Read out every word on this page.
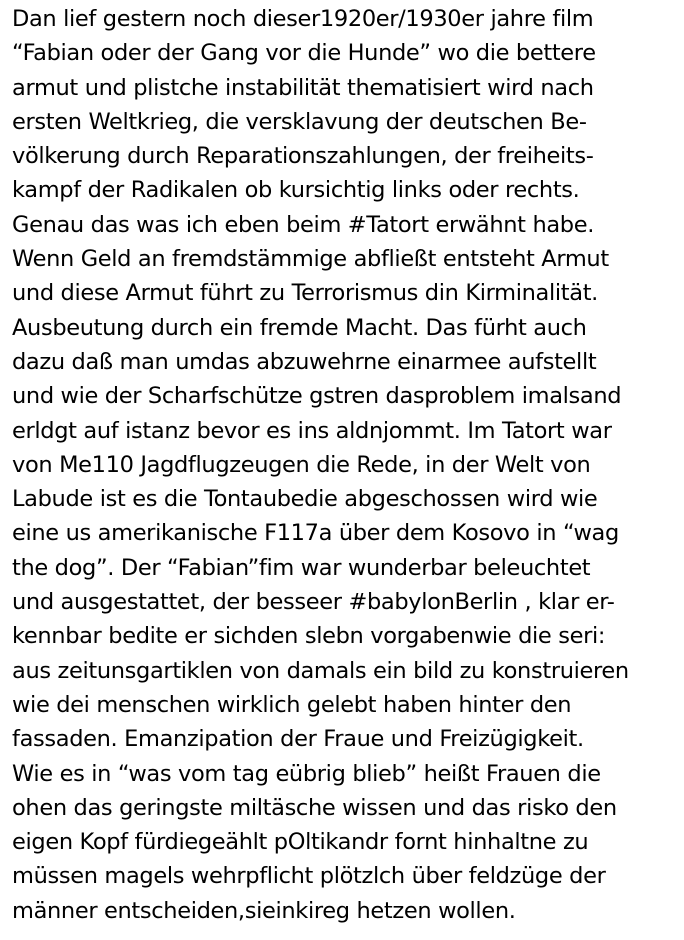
Dan lief gestern noch dieser1920er/1930er jahre film
“Fabian oder der Gang vor die Hunde” wo die bettere
armut und plistche instabilität thematisiert wird nach
ersten Weltkrieg, die versklavung der deutschen Be-
völkerung durch Reparationszahlungen, der freiheits-
kampf der Radikalen ob kursichtig links oder rechts.
Genau das was ich eben beim #Tatort erwähnt habe.
Wenn Geld an fremdstämmige abfließt entsteht Armut
und diese Armut führt zu Terrorismus din Kirminalität.
Ausbeutung durch ein fremde Macht. Das fürht auch
dazu daß man umdas abzuwehrne einarmee aufstellt
und wie der Scharfschütze gstren dasproblem imalsand
erldgt auf istanz bevor es ins aldnjommt. Im Tatort war
von Me110 Jagdflugzeugen die Rede, in der Welt von
Labude ist es die Tontaubedie abgeschossen wird wie
eine us amerikanische F117a über dem Kosovo in “wag
the dog”. Der “Fabian”fim war wunderbar beleuchtet
und ausgestattet, der besseer #babylonBerlin , klar er-
kennbar bedite er sichden slebn vorgabenwie die seri:
aus zeitunsgartiklen von damals ein bild zu konstruieren
wie dei menschen wirklich gelebt haben hinter den
fassaden. Emanzipation der Fraue und Freizügigkeit.
Wie es in “was vom tag eübrig blieb” heißt Frauen die
ohen das geringste miltäsche wissen und das risko den
eigen Kopf fürdiegeählt pOltikandr fornt hinhaltne zu
müssen magels wehrpflicht plötzlch über feldzüge der
männer entscheiden,sieinkireg hetzen wollen.
